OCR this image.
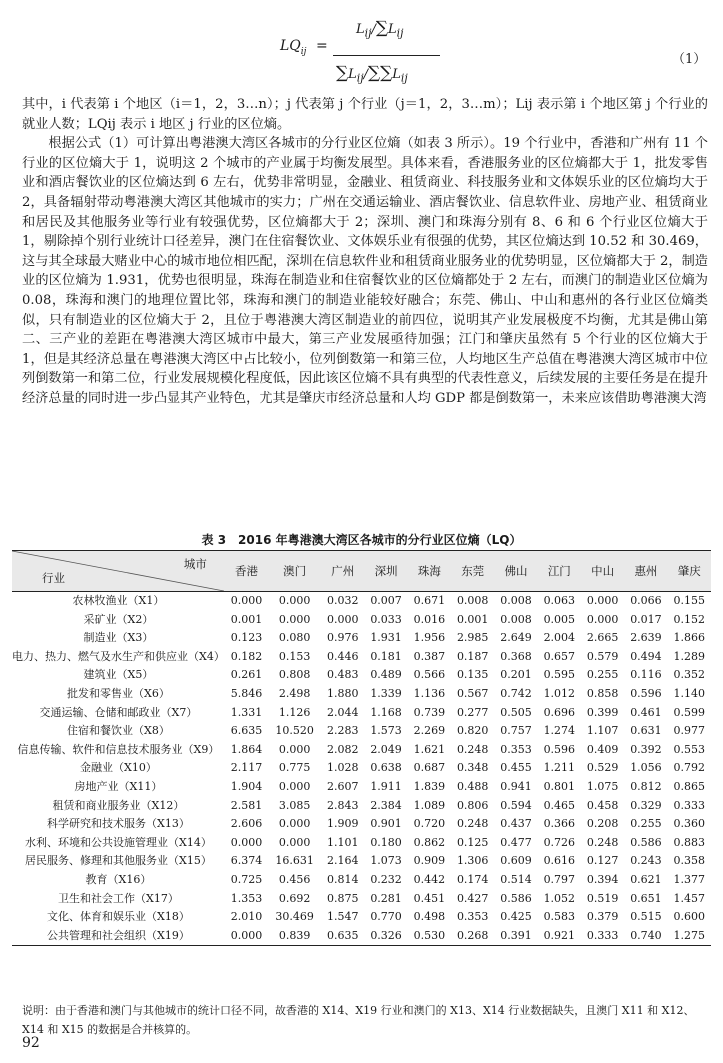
$LQ_{ij}$ =
$L_{ij}/\sum L_{ij}$
$\sum L_{ij}/\sum\sum L_{ij}$
（1）

其中，i 代表第 i 个地区（i＝1，2，3…n）；j 代表第 j 个行业（j＝1，2，3…m）；Lij 表示第 i 个地区第 j 个行业的就业人数；LQij 表示 i 地区 j 行业的区位熵。

根据公式（1）可计算出粤港澳大湾区各城市的分行业区位熵（如表 3 所示）。19 个行业中，香港和广州有 11 个行业的区位熵大于 1，说明这 2 个城市的产业属于均衡发展型。具体来看，香港服务业的区位熵都大于 1，批发零售业和酒店餐饮业的区位熵达到 6 左右，优势非常明显，金融业、租赁商业、科技服务业和文体娱乐业的区位熵均大于 2，具备辐射带动粤港澳大湾区其他城市的实力；广州在交通运输业、酒店餐饮业、信息软件业、房地产业、租赁商业和居民及其他服务业等行业有较强优势，区位熵都大于 2；深圳、澳门和珠海分别有 8、6 和 6 个行业区位熵大于 1，剔除掉个别行业统计口径差异，澳门在住宿餐饮业、文体娱乐业有很强的优势，其区位熵达到 10.52 和 30.469，这与其全球最大赌业中心的城市地位相匹配，深圳在信息软件业和租赁商业服务业的优势明显，区位熵都大于 2，制造业的区位熵为 1.931，优势也很明显，珠海在制造业和住宿餐饮业的区位熵都处于 2 左右，而澳门的制造业区位熵为 0.08，珠海和澳门的地理位置比邻，珠海和澳门的制造业能较好融合；东莞、佛山、中山和惠州的各行业区位熵类似，只有制造业的区位熵大于 2，且位于粤港澳大湾区制造业的前四位，说明其产业发展极度不均衡，尤其是佛山第二、三产业的差距在粤港澳大湾区城市中最大，第三产业发展亟待加强；江门和肇庆虽然有 5 个行业的区位熵大于 1，但是其经济总量在粤港澳大湾区中占比较小，位列倒数第一和第三位，人均地区生产总值在粤港澳大湾区城市中位列倒数第一和第二位，行业发展规模化程度低，因此该区位熵不具有典型的代表性意义，后续发展的主要任务是在提升经济总量的同时进一步凸显其产业特色，尤其是肇庆市经济总量和人均 GDP 都是倒数第一，未来应该借助粤港澳大湾

表 3　2016 年粤港澳大湾区各城市的分行业区位熵（LQ）
城市
行业	香港	澳门	广州	深圳	珠海	东莞	佛山	江门	中山	惠州	肇庆
农林牧渔业（X1）	0.000	0.000	0.032	0.007	0.671	0.008	0.008	0.063	0.000	0.066	0.155
采矿业（X2）	0.001	0.000	0.000	0.033	0.016	0.001	0.008	0.005	0.000	0.017	0.152
制造业（X3）	0.123	0.080	0.976	1.931	1.956	2.985	2.649	2.004	2.665	2.639	1.866
电力、热力、燃气及水生产和供应业（X4）	0.182	0.153	0.446	0.181	0.387	0.187	0.368	0.657	0.579	0.494	1.289
建筑业（X5）	0.261	0.808	0.483	0.489	0.566	0.135	0.201	0.595	0.255	0.116	0.352
批发和零售业（X6）	5.846	2.498	1.880	1.339	1.136	0.567	0.742	1.012	0.858	0.596	1.140
交通运输、仓储和邮政业（X7）	1.331	1.126	2.044	1.168	0.739	0.277	0.505	0.696	0.399	0.461	0.599
住宿和餐饮业（X8）	6.635	10.520	2.283	1.573	2.269	0.820	0.757	1.274	1.107	0.631	0.977
信息传输、软件和信息技术服务业（X9）	1.864	0.000	2.082	2.049	1.621	0.248	0.353	0.596	0.409	0.392	0.553
金融业（X10）	2.117	0.775	1.028	0.638	0.687	0.348	0.455	1.211	0.529	1.056	0.792
房地产业（X11）	1.904	0.000	2.607	1.911	1.839	0.488	0.941	0.801	1.075	0.812	0.865
租赁和商业服务业（X12）	2.581	3.085	2.843	2.384	1.089	0.806	0.594	0.465	0.458	0.329	0.333
科学研究和技术服务（X13）	2.606	0.000	1.909	0.901	0.720	0.248	0.437	0.366	0.208	0.255	0.360
水利、环境和公共设施管理业（X14）	0.000	0.000	1.101	0.180	0.862	0.125	0.477	0.726	0.248	0.586	0.883
居民服务、修理和其他服务业（X15）	6.374	16.631	2.164	1.073	0.909	1.306	0.609	0.616	0.127	0.243	0.358
教育（X16）	0.725	0.456	0.814	0.232	0.442	0.174	0.514	0.797	0.394	0.621	1.377
卫生和社会工作（X17）	1.353	0.692	0.875	0.281	0.451	0.427	0.586	1.052	0.519	0.651	1.457
文化、体育和娱乐业（X18）	2.010	30.469	1.547	0.770	0.498	0.353	0.425	0.583	0.379	0.515	0.600
公共管理和社会组织（X19）	0.000	0.839	0.635	0.326	0.530	0.268	0.391	0.921	0.333	0.740	1.275
说明：由于香港和澳门与其他城市的统计口径不同，故香港的 X14、X19 行业和澳门的 X13、X14 行业数据缺失，且澳门 X11 和 X12、X14 和 X15 的数据是合并核算的。
92
